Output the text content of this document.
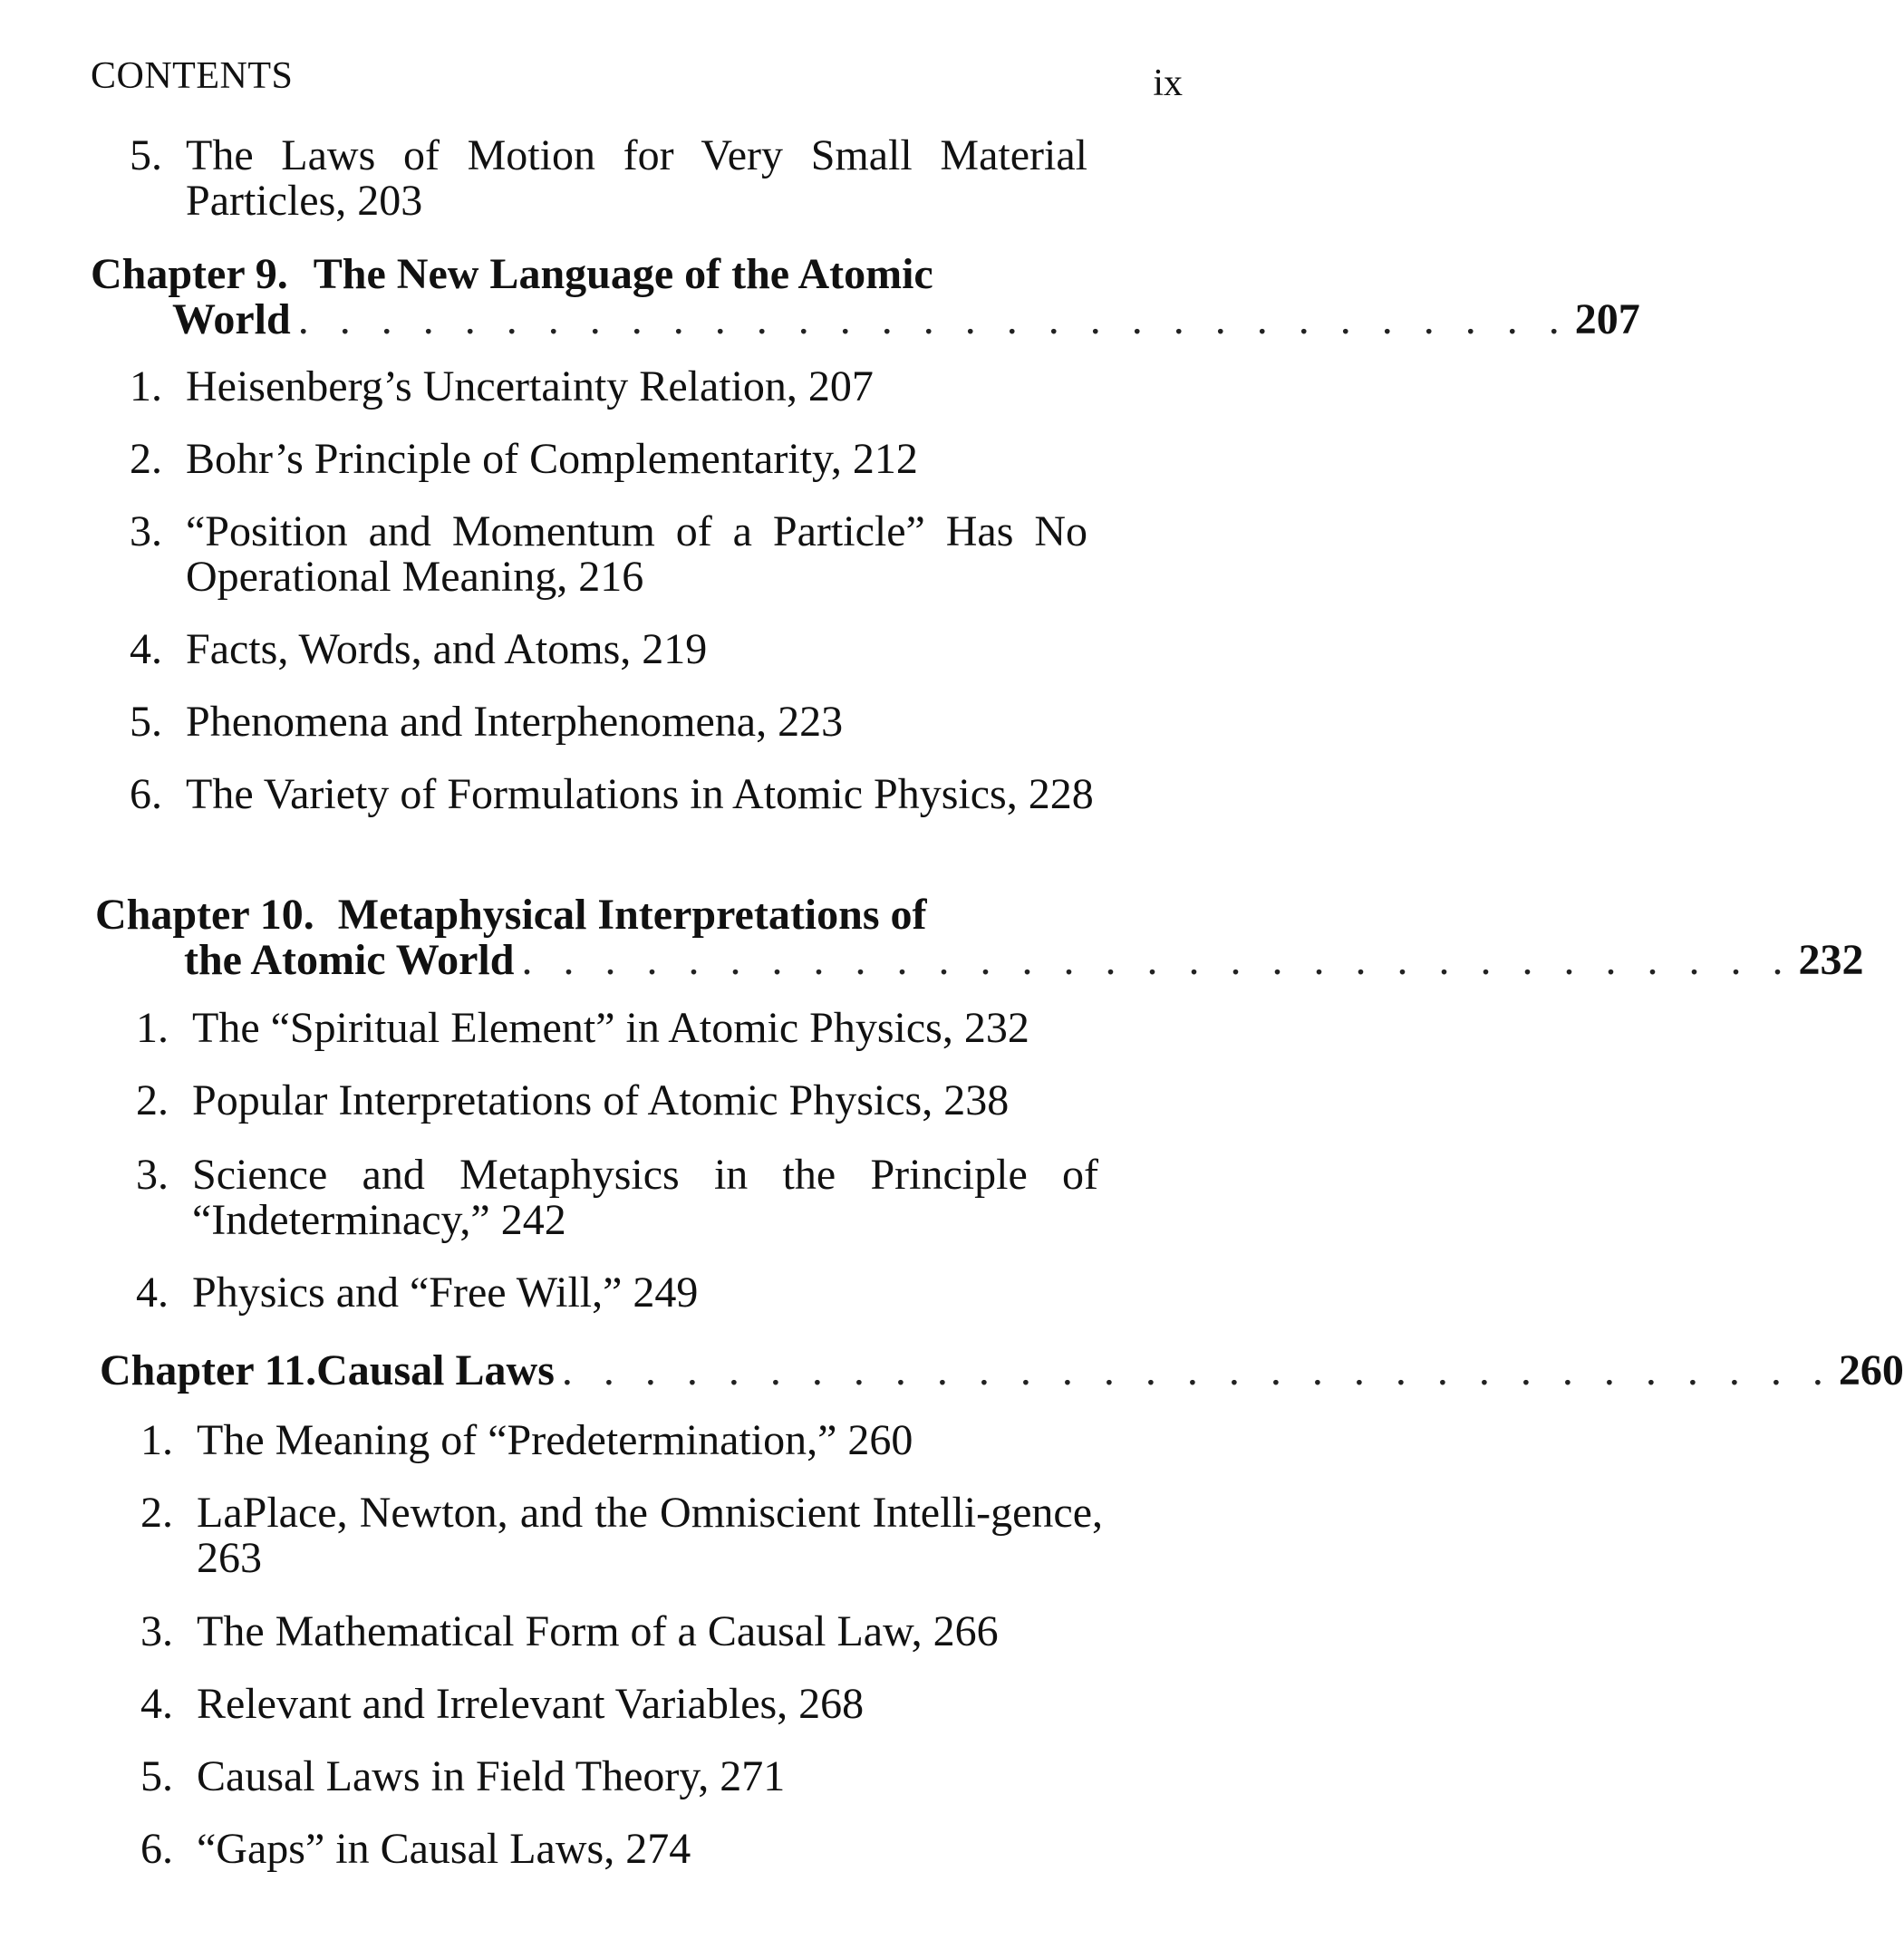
CONTENTS	ix
5. The Laws of Motion for Very Small Material Particles, 203
Chapter 9. The New Language of the Atomic
World . . . . . . . . . . . . . . . . . . . . . . . . . . . . . . . 207
1. Heisenberg’s Uncertainty Relation, 207
2. Bohr’s Principle of Complementarity, 212
3. “Position and Momentum of a Particle” Has No Operational Meaning, 216
4. Facts, Words, and Atoms, 219
5. Phenomena and Interphenomena, 223
6. The Variety of Formulations in Atomic Physics, 228
Chapter 10. Metaphysical Interpretations of
the Atomic World . . . . . . . . . . . . . . . . . . . . . . . . . . . . . . . 232
1. The “Spiritual Element” in Atomic Physics, 232
2. Popular Interpretations of Atomic Physics, 238
3. Science and Metaphysics in the Principle of “Indeterminacy,” 242
4. Physics and “Free Will,” 249
Chapter 11. Causal Laws . . . . . . . . . . . . . . . . . . . . . . . . . . . . . . . 260
1. The Meaning of “Predetermination,” 260
2. LaPlace, Newton, and the Omniscient Intelli-gence, 263
3. The Mathematical Form of a Causal Law, 266
4. Relevant and Irrelevant Variables, 268
5. Causal Laws in Field Theory, 271
6. “Gaps” in Causal Laws, 274
